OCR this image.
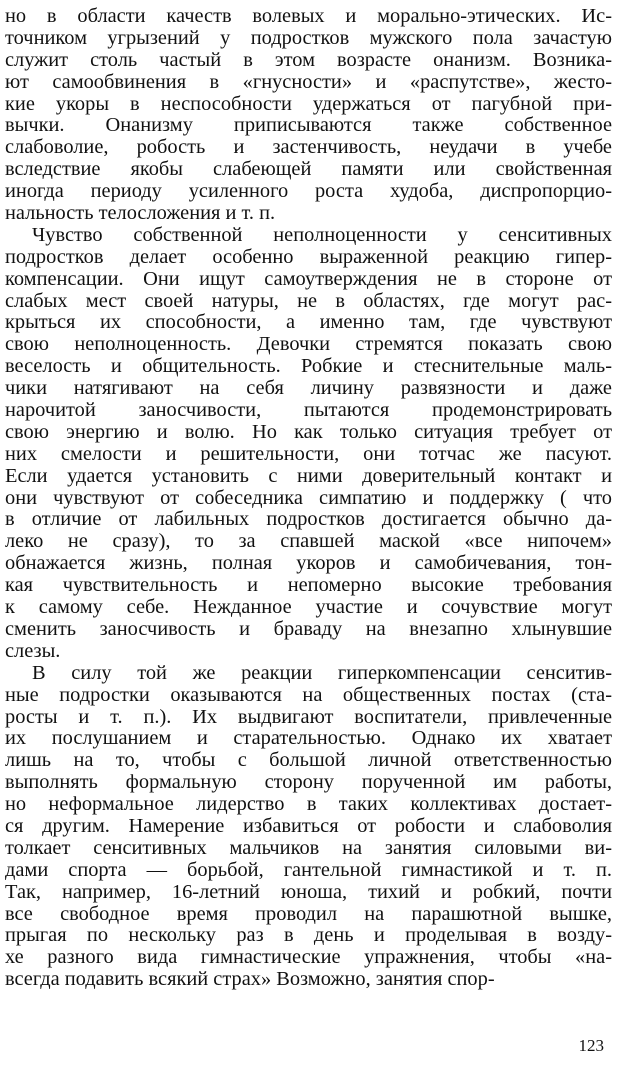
но в области качеств волевых и морально-этических. Ис-
точником угрызений у подростков мужского пола зачастую
служит столь частый в этом возрасте онанизм. Возника-
ют самообвинения в «гнусности» и «распутстве», жесто-
кие укоры в неспособности удержаться от пагубной при-
вычки. Онанизму приписываются также собственное
слабоволие, робость и застенчивость, неудачи в учебе
вследствие якобы слабеющей памяти или свойственная
иногда периоду усиленного роста худоба, диспропорцио-
нальность телосложения и т. п.
Чувство собственной неполноценности у сенситивных
подростков делает особенно выраженной реакцию гипер-
компенсации. Они ищут самоутверждения не в стороне от
слабых мест своей натуры, не в областях, где могут рас-
крыться их способности, а именно там, где чувствуют
свою неполноценность. Девочки стремятся показать свою
веселость и общительность. Робкие и стеснительные маль-
чики натягивают на себя личину развязности и даже
нарочитой заносчивости, пытаются продемонстрировать
свою энергию и волю. Но как только ситуация требует от
них смелости и решительности, они тотчас же пасуют.
Если удается установить с ними доверительный контакт и
они чувствуют от собеседника симпатию и поддержку ( что
в отличие от лабильных подростков достигается обычно да-
леко не сразу), то за спавшей маской «все нипочем»
обнажается жизнь, полная укоров и самобичевания, тон-
кая чувствительность и непомерно высокие требования
к самому себе. Нежданное участие и сочувствие могут
сменить заносчивость и браваду на внезапно хлынувшие
слезы.
В силу той же реакции гиперкомпенсации сенситив-
ные подростки оказываются на общественных постах (ста-
росты и т. п.). Их выдвигают воспитатели, привлеченные
их послушанием и старательностью. Однако их хватает
лишь на то, чтобы с большой личной ответственностью
выполнять формальную сторону порученной им работы,
но неформальное лидерство в таких коллективах достает-
ся другим. Намерение избавиться от робости и слабоволия
толкает сенситивных мальчиков на занятия силовыми ви-
дами спорта — борьбой, гантельной гимнастикой и т. п.
Так, например, 16-летний юноша, тихий и робкий, почти
все свободное время проводил на парашютной вышке,
прыгая по нескольку раз в день и проделывая в возду-
хе разного вида гимнастические упражнения, чтобы «на-
всегда подавить всякий страх» Возможно, занятия спор-
123
